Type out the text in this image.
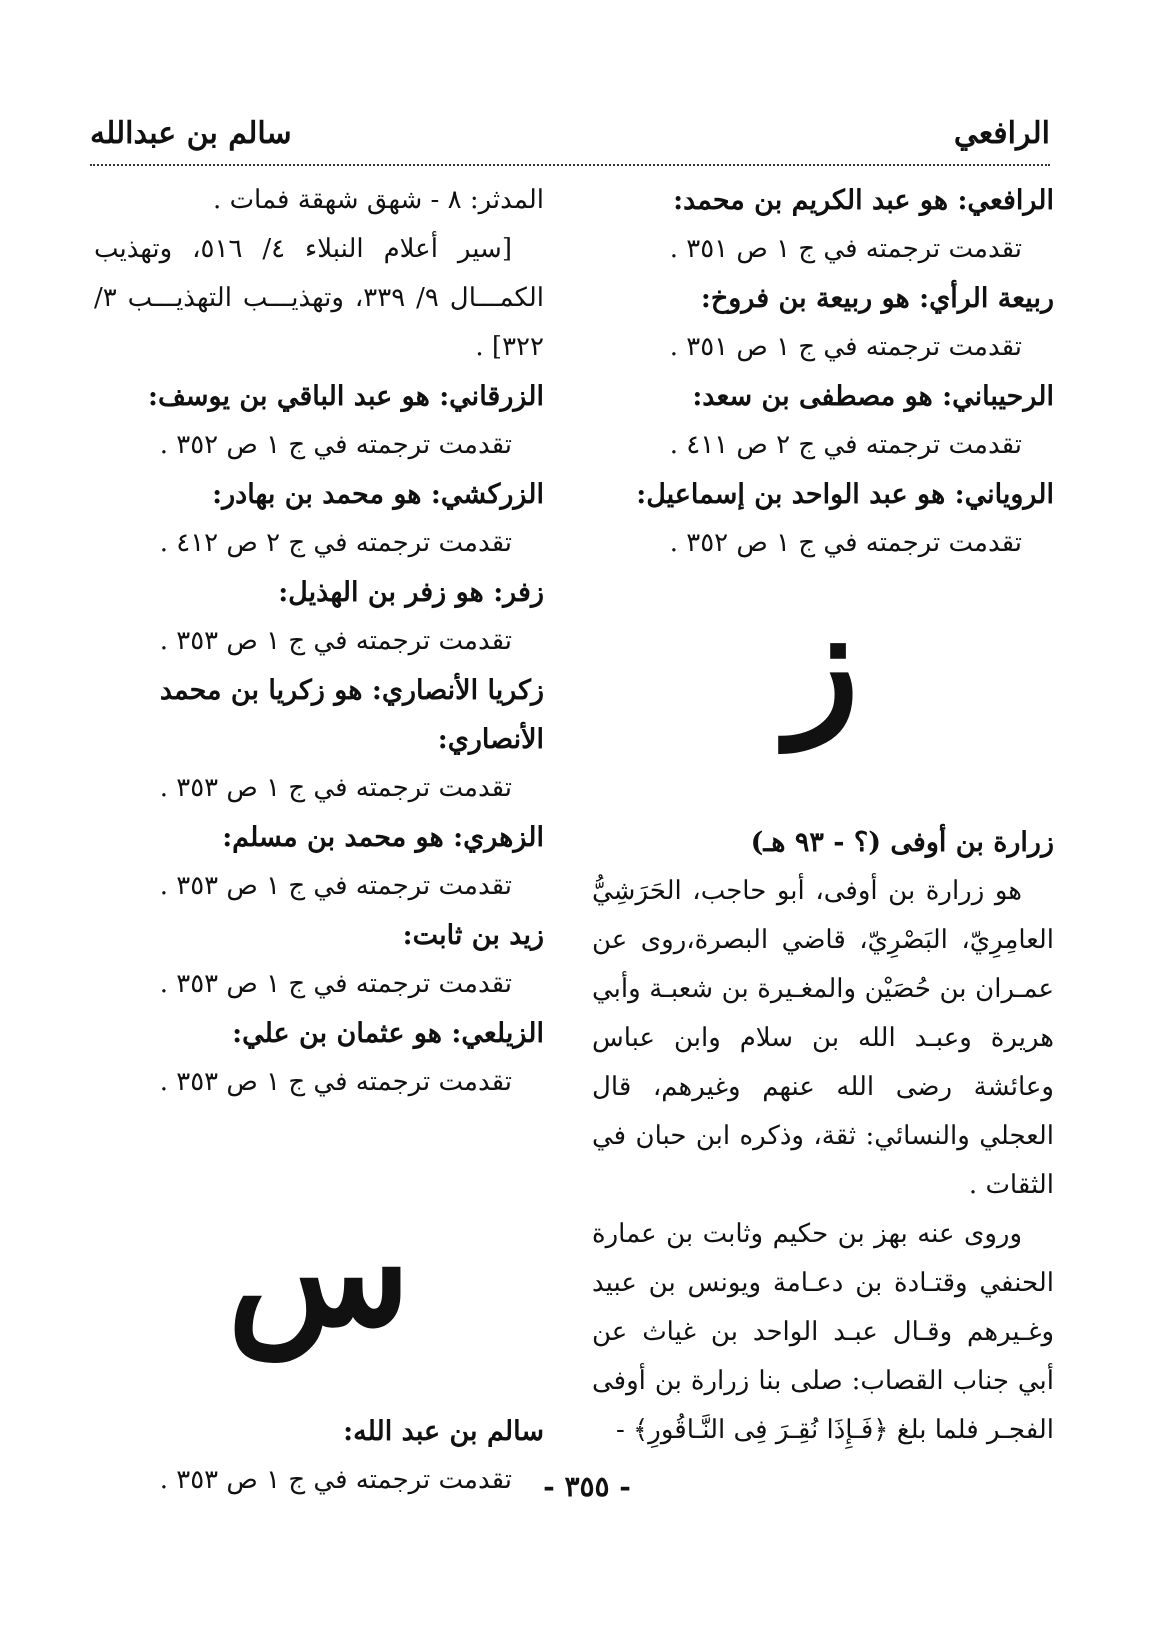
الرافعي
سالم بن عبدالله
الرافعي: هو عبد الكريم بن محمد:
تقدمت ترجمته في ج ١ ص ٣٥١ .
ربيعة الرأي: هو ربيعة بن فروخ:
تقدمت ترجمته في ج ١ ص ٣٥١ .
الرحيباني: هو مصطفى بن سعد:
تقدمت ترجمته في ج ٢ ص ٤١١ .
الروياني: هو عبد الواحد بن إسماعيل:
تقدمت ترجمته في ج ١ ص ٣٥٢ .
ز
زرارة بن أوفى (؟ - ٩٣ هـ)
هو زرارة بن أوفى، أبو حاجب، الحَرَشِيُّ العامِرِيّ، البَصْرِيّ، قاضي البصرة،روى عن عمـران بن حُصَيْن والمغـيرة بن شعبـة وأبي هريرة وعبـد الله بن سلام وابن عباس وعائشة رضى الله عنهم وغيرهم، قال العجلي والنسائي: ثقة، وذكره ابن حبان في الثقات .
وروى عنه بهز بن حكيم وثابت بن عمارة الحنفي وقتـادة بن دعـامة ويونس بن عبيد وغـيرهم وقـال عبـد الواحد بن غياث عن أبي جناب القصاب: صلى بنا زرارة بن أوفى الفجـر فلما بلغ ﴿فَـإِذَا نُقِـرَ فِى النَّـاقُورِ﴾ -
المدثر: ٨ - شهق شهقة فمات .
[سير أعلام النبلاء ٤/ ٥١٦، وتهذيب الكمـــال ٩/ ٣٣٩، وتهذيـــب التهذيـــب ٣/ ٣٢٢] .
الزرقاني: هو عبد الباقي بن يوسف:
تقدمت ترجمته في ج ١ ص ٣٥٢ .
الزركشي: هو محمد بن بهادر:
تقدمت ترجمته في ج ٢ ص ٤١٢ .
زفر: هو زفر بن الهذيل:
تقدمت ترجمته في ج ١ ص ٣٥٣ .
زكريا الأنصاري: هو زكريا بن محمد الأنصاري:
تقدمت ترجمته في ج ١ ص ٣٥٣ .
الزهري: هو محمد بن مسلم:
تقدمت ترجمته في ج ١ ص ٣٥٣ .
زيد بن ثابت:
تقدمت ترجمته في ج ١ ص ٣٥٣ .
الزيلعي: هو عثمان بن علي:
تقدمت ترجمته في ج ١ ص ٣٥٣ .
س
سالم بن عبد الله:
تقدمت ترجمته في ج ١ ص ٣٥٣ .	- ٣٥٥ -
